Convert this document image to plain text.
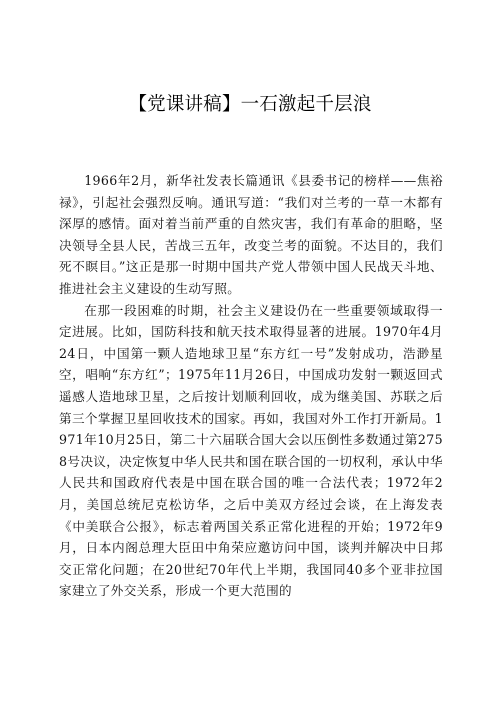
【党课讲稿】一石激起千层浪

1966年2月，新华社发表长篇通讯《县委书记的榜样——焦裕禄》，引起社会强烈反响。通讯写道：“我们对兰考的一草一木都有深厚的感情。面对着当前严重的自然灾害，我们有革命的胆略，坚决领导全县人民，苦战三五年，改变兰考的面貌。不达目的，我们死不瞑目。”这正是那一时期中国共产党人带领中国人民战天斗地、推进社会主义建设的生动写照。

在那一段困难的时期，社会主义建设仍在一些重要领域取得一定进展。比如，国防科技和航天技术取得显著的进展。1970年4月24日，中国第一颗人造地球卫星“东方红一号”发射成功，浩渺星空，唱响“东方红”；1975年11月26日，中国成功发射一颗返回式遥感人造地球卫星，之后按计划顺利回收，成为继美国、苏联之后第三个掌握卫星回收技术的国家。再如，我国对外工作打开新局。1971年10月25日，第二十六届联合国大会以压倒性多数通过第2758号决议，决定恢复中华人民共和国在联合国的一切权利，承认中华人民共和国政府代表是中国在联合国的唯一合法代表；1972年2月，美国总统尼克松访华，之后中美双方经过会谈，在上海发表《中美联合公报》，标志着两国关系正常化进程的开始；1972年9月，日本内阁总理大臣田中角荣应邀访问中国，谈判并解决中日邦交正常化问题；在20世纪70年代上半期，我国同40多个亚非拉国家建立了外交关系，形成一个更大范围的
